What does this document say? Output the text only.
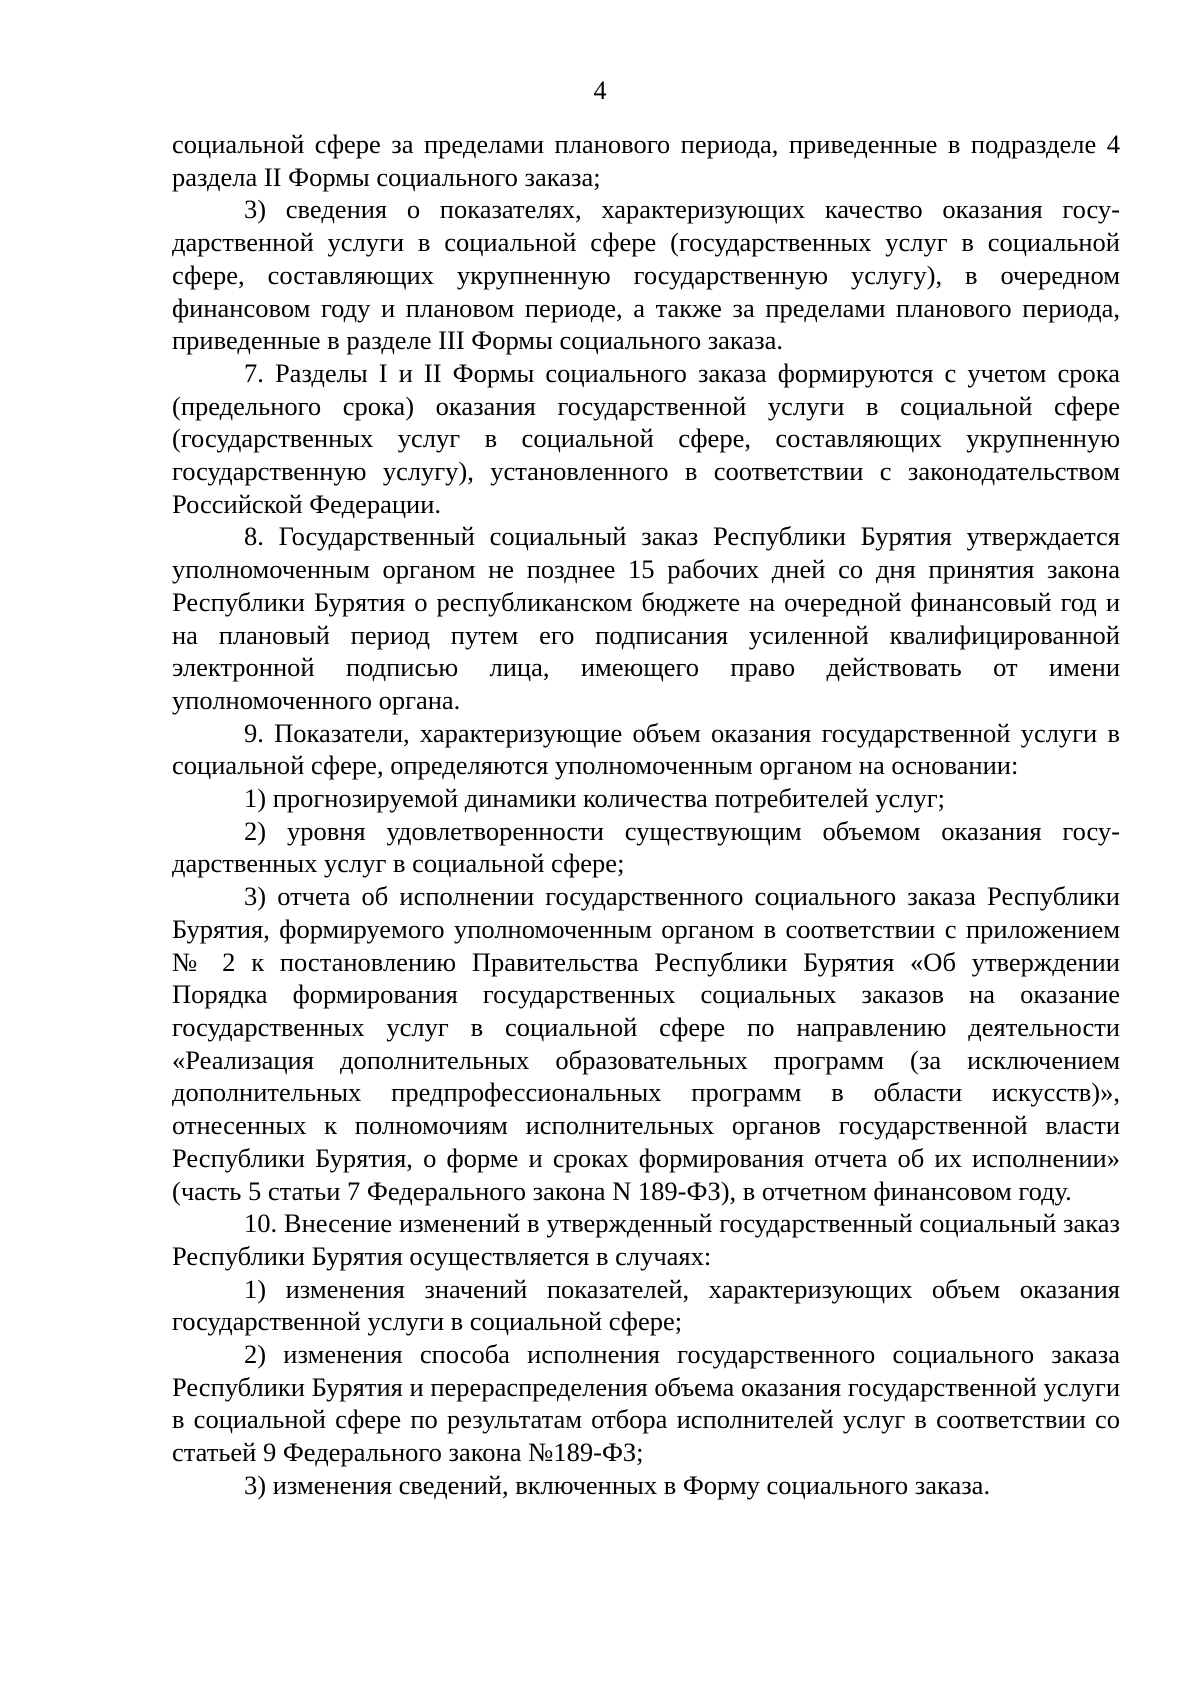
4

социальной сфере за пределами планового периода, приведенные в подразделе 4 раздела II Формы социального заказа;

3) сведения о показателях, характеризующих качество оказания государственной услуги в социальной сфере (государственных услуг в социальной сфере, составляющих укрупненную государственную услугу), в очередном финансовом году и плановом периоде, а также за пределами планового периода, приведенные в разделе III Формы социального заказа.

7. Разделы I и II Формы социального заказа формируются с учетом срока (предельного срока) оказания государственной услуги в социальной сфере (государственных услуг в социальной сфере, составляющих укрупненную государственную услугу), установленного в соответствии с законодательством Российской Федерации.

8. Государственный социальный заказ Республики Бурятия утверждается уполномоченным органом не позднее 15 рабочих дней со дня принятия закона Республики Бурятия о республиканском бюджете на очередной финансовый год и на плановый период путем его подписания усиленной квалифицированной электронной подписью лица, имеющего право действовать от имени уполномоченного органа.

9. Показатели, характеризующие объем оказания государственной услуги в социальной сфере, определяются уполномоченным органом на основании:

1) прогнозируемой динамики количества потребителей услуг;

2) уровня удовлетворенности существующим объемом оказания государственных услуг в социальной сфере;

3) отчета об исполнении государственного социального заказа Республики Бурятия, формируемого уполномоченным органом в соответствии с приложением № 2 к постановлению Правительства Республики Бурятия «Об утверждении Порядка формирования государственных социальных заказов на оказание государственных услуг в социальной сфере по направлению деятельности «Реализация дополнительных образовательных программ (за исключением дополнительных предпрофессиональных программ в области искусств)», отнесенных к полномочиям исполнительных органов государственной власти Республики Бурятия, о форме и сроках формирования отчета об их исполнении» (часть 5 статьи 7 Федерального закона N 189-ФЗ), в отчетном финансовом году.

10. Внесение изменений в утвержденный государственный социальный заказ Республики Бурятия осуществляется в случаях:

1) изменения значений показателей, характеризующих объем оказания государственной услуги в социальной сфере;

2) изменения способа исполнения государственного социального заказа Республики Бурятия и перераспределения объема оказания государственной услуги в социальной сфере по результатам отбора исполнителей услуг в соответствии со статьей 9 Федерального закона №189-ФЗ;

3) изменения сведений, включенных в Форму социального заказа.
